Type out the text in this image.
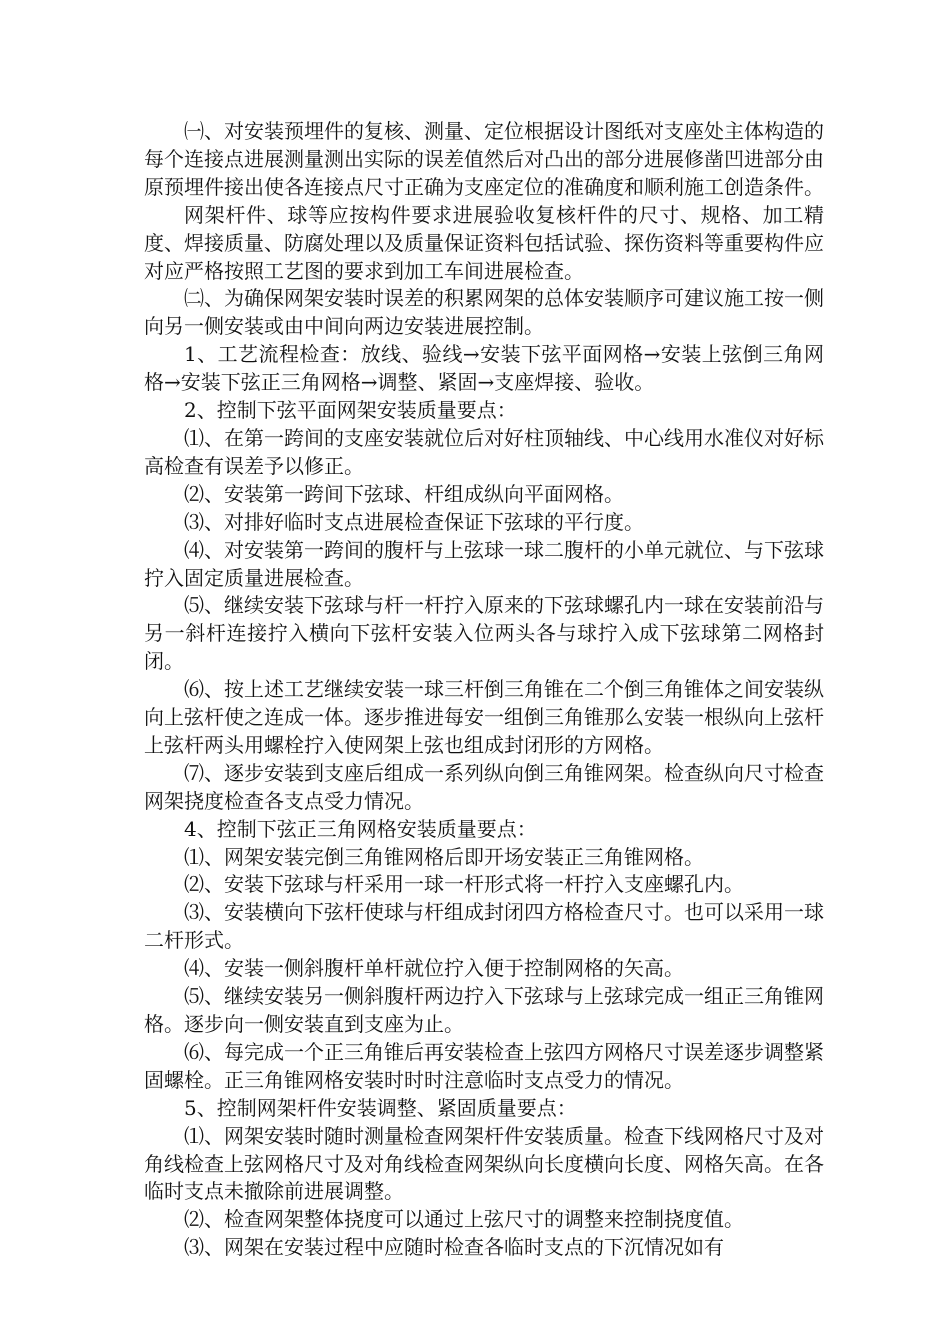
㈠、对安装预埋件的复核、测量、定位根据设计图纸对支座处主体构造的每个连接点进展测量测出实际的误差值然后对凸出的部分进展修凿凹进部分由原预埋件接出使各连接点尺寸正确为支座定位的准确度和顺利施工创造条件。

网架杆件、球等应按构件要求进展验收复核杆件的尺寸、规格、加工精度、焊接质量、防腐处理以及质量保证资料包括试验、探伤资料等重要构件应对应严格按照工艺图的要求到加工车间进展检查。

㈡、为确保网架安装时误差的积累网架的总体安装顺序可建议施工按一侧向另一侧安装或由中间向两边安装进展控制。

1、工艺流程检查：放线、验线→安装下弦平面网格→安装上弦倒三角网格→安装下弦正三角网格→调整、紧固→支座焊接、验收。

2、控制下弦平面网架安装质量要点：

⑴、在第一跨间的支座安装就位后对好柱顶轴线、中心线用水准仪对好标高检查有误差予以修正。

⑵、安装第一跨间下弦球、杆组成纵向平面网格。

⑶、对排好临时支点进展检查保证下弦球的平行度。

⑷、对安装第一跨间的腹杆与上弦球一球二腹杆的小单元就位、与下弦球拧入固定质量进展检查。

⑸、继续安装下弦球与杆一杆拧入原来的下弦球螺孔内一球在安装前沿与另一斜杆连接拧入横向下弦杆安装入位两头各与球拧入成下弦球第二网格封闭。

⑹、按上述工艺继续安装一球三杆倒三角锥在二个倒三角锥体之间安装纵向上弦杆使之连成一体。逐步推进每安一组倒三角锥那么安装一根纵向上弦杆上弦杆两头用螺栓拧入使网架上弦也组成封闭形的方网格。

⑺、逐步安装到支座后组成一系列纵向倒三角锥网架。检查纵向尺寸检查网架挠度检查各支点受力情况。

4、控制下弦正三角网格安装质量要点：

⑴、网架安装完倒三角锥网格后即开场安装正三角锥网格。

⑵、安装下弦球与杆采用一球一杆形式将一杆拧入支座螺孔内。

⑶、安装横向下弦杆使球与杆组成封闭四方格检查尺寸。也可以采用一球二杆形式。

⑷、安装一侧斜腹杆单杆就位拧入便于控制网格的矢高。

⑸、继续安装另一侧斜腹杆两边拧入下弦球与上弦球完成一组正三角锥网格。逐步向一侧安装直到支座为止。

⑹、每完成一个正三角锥后再安装检查上弦四方网格尺寸误差逐步调整紧固螺栓。正三角锥网格安装时时时注意临时支点受力的情况。

5、控制网架杆件安装调整、紧固质量要点：

⑴、网架安装时随时测量检查网架杆件安装质量。检查下线网格尺寸及对角线检查上弦网格尺寸及对角线检查网架纵向长度横向长度、网格矢高。在各临时支点未撤除前进展调整。

⑵、检查网架整体挠度可以通过上弦尺寸的调整来控制挠度值。

⑶、网架在安装过程中应随时检查各临时支点的下沉情况如有
